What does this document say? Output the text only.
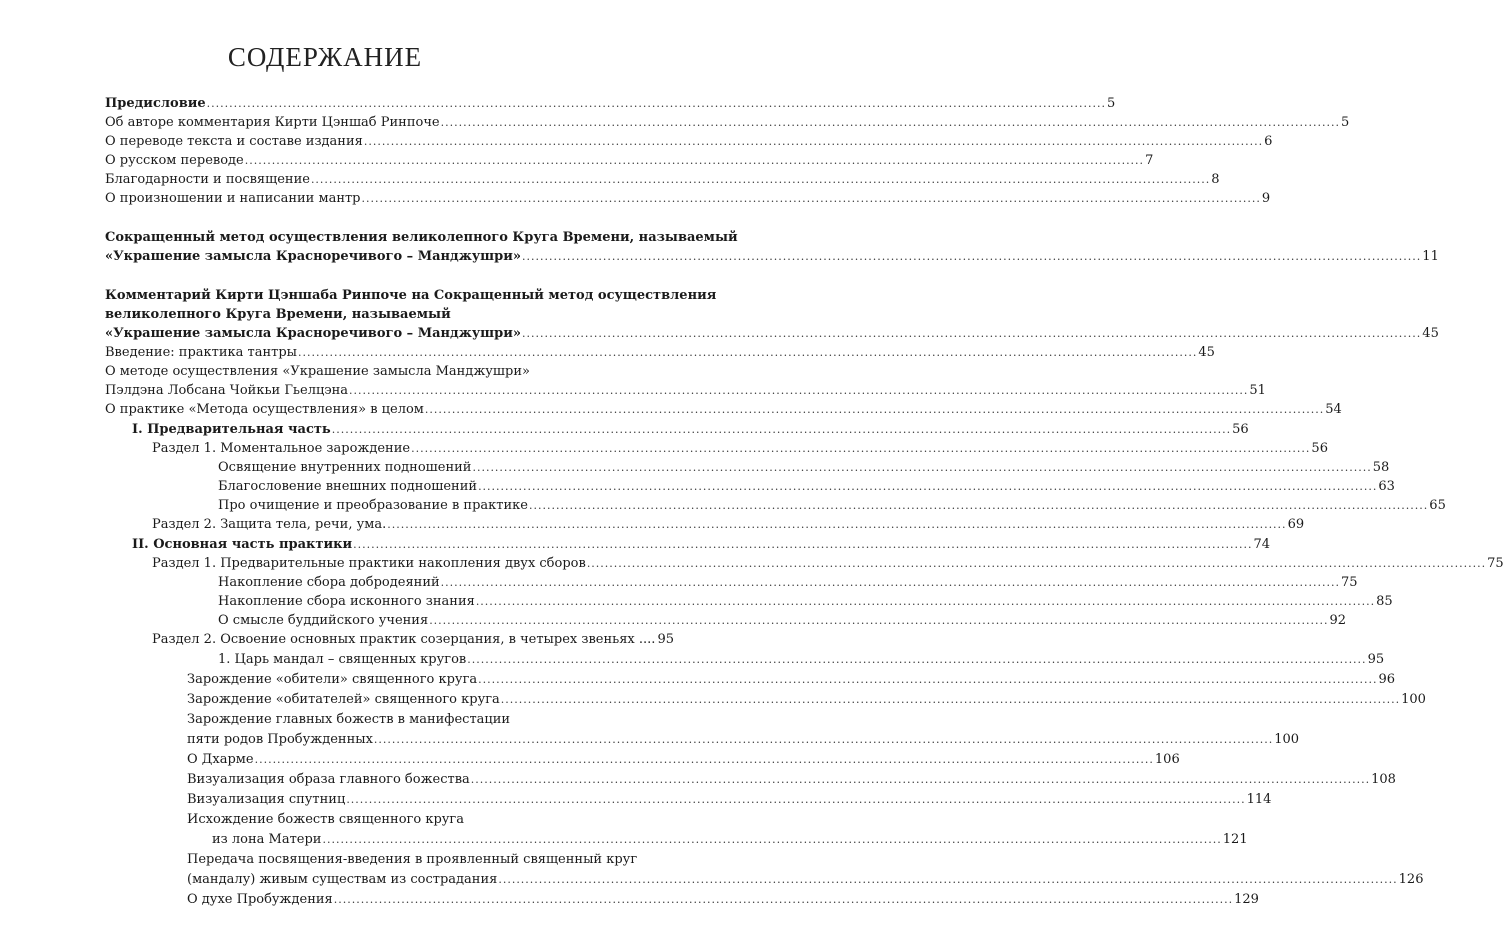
СОДЕРЖАНИЕ
Предисловие ........................................................................................................................................................................................................ 5
Об авторе комментария Кирти Цэншаб Ринпоче ........................................................................................................................................................................................................ 5
О переводе текста и составе издания ........................................................................................................................................................................................................ 6
О русском переводе ........................................................................................................................................................................................................ 7
Благодарности и посвящение ........................................................................................................................................................................................................ 8
О произношении и написании мантр ........................................................................................................................................................................................................ 9
Сокращенный метод осуществления великолепного Круга Времени, называемый
«Украшение замысла Красноречивого – Манджушри» ........................................................................................................................................................................................................ 11
Комментарий Кирти Цэншаба Ринпоче на Сокращенный метод осуществления
великолепного Круга Времени, называемый
«Украшение замысла Красноречивого – Манджушри» ........................................................................................................................................................................................................ 45
Введение: практика тантры ........................................................................................................................................................................................................ 45
О методе осуществления «Украшение замысла Манджушри»
Пэлдэна Лобсана Чойкьи Гьелцэна ........................................................................................................................................................................................................ 51
О практике «Метода осуществления» в целом ........................................................................................................................................................................................................ 54
I. Предварительная часть ........................................................................................................................................................................................................ 56
Раздел 1. Моментальное зарождение ........................................................................................................................................................................................................ 56
Освящение внутренних подношений ........................................................................................................................................................................................................ 58
Благословение внешних подношений ........................................................................................................................................................................................................ 63
Про очищение и преобразование в практике ........................................................................................................................................................................................................ 65
Раздел 2. Защита тела, речи, ума. ........................................................................................................................................................................................................ 69
II. Основная часть практики ........................................................................................................................................................................................................ 74
Раздел 1. Предварительные практики накопления двух сборов ........................................................................................................................................................................................................ 75
Накопление сбора добродеяний ........................................................................................................................................................................................................ 75
Накопление сбора исконного знания ........................................................................................................................................................................................................ 85
О смысле буддийского учения ........................................................................................................................................................................................................ 92
Раздел 2. Освоение основных практик созерцания, в четырех звеньях .... 95
1. Царь мандал – священных кругов ........................................................................................................................................................................................................ 95
Зарождение «обители» священного круга ........................................................................................................................................................................................................ 96
Зарождение «обитателей» священного круга ........................................................................................................................................................................................................ 100
Зарождение главных божеств в манифестации
пяти родов Пробужденных ........................................................................................................................................................................................................ 100
О Дхарме ........................................................................................................................................................................................................ 106
Визуализация образа главного божества ........................................................................................................................................................................................................ 108
Визуализация спутниц ........................................................................................................................................................................................................ 114
Исхождение божеств священного круга
из лона Матери ........................................................................................................................................................................................................ 121
Передача посвящения-введения в проявленный священный круг
(мандалу) живым существам из сострадания ........................................................................................................................................................................................................ 126
О духе Пробуждения ........................................................................................................................................................................................................ 129
